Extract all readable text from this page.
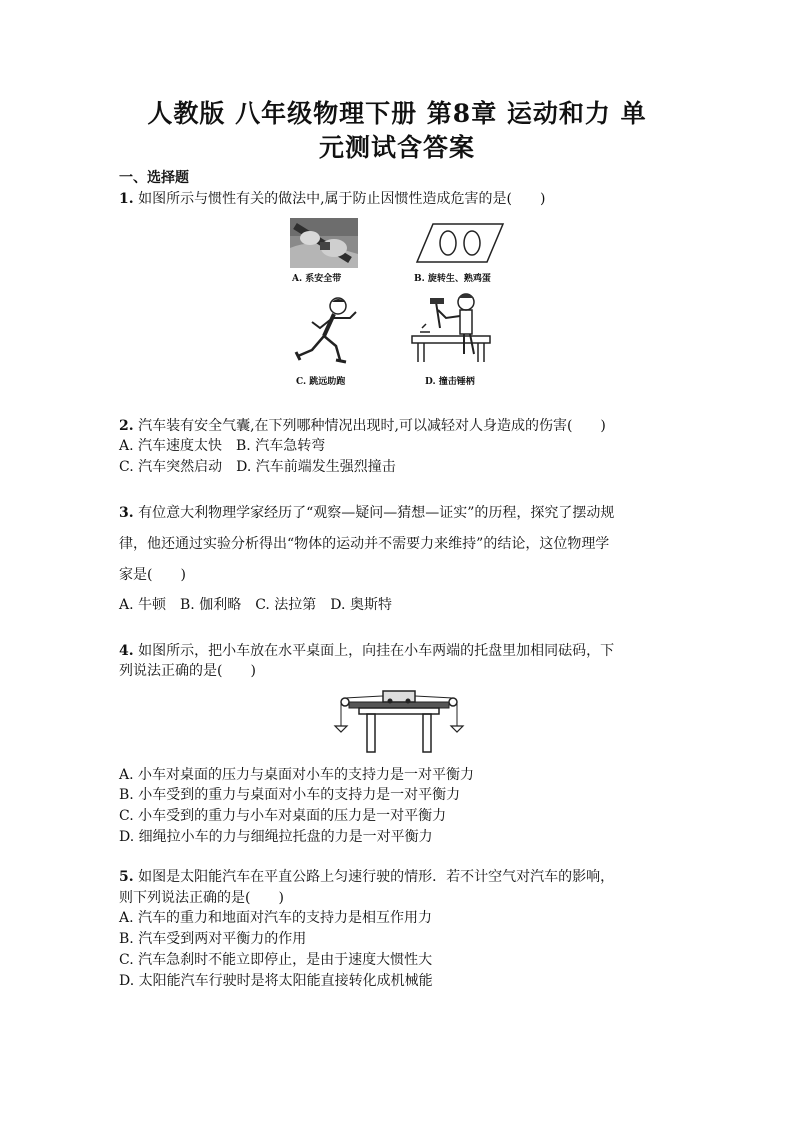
人教版 八年级物理下册 第8章 运动和力 单
元测试含答案
一、选择题
1. 如图所示与惯性有关的做法中,属于防止因惯性造成危害的是(　　)
A. 系安全带	B. 旋转生、熟鸡蛋
C. 跳远助跑	D. 撞击锤柄
2. 汽车装有安全气囊,在下列哪种情况出现时,可以减轻对人身造成的伤害(　　)
A. 汽车速度太快　B. 汽车急转弯
C. 汽车突然启动　D. 汽车前端发生强烈撞击
3. 有位意大利物理学家经历了“观察—疑问—猜想—证实”的历程，探究了摆动规
律，他还通过实验分析得出“物体的运动并不需要力来维持”的结论，这位物理学
家是(　　)
A. 牛顿　B. 伽利略　C. 法拉第　D. 奥斯特
4. 如图所示，把小车放在水平桌面上，向挂在小车两端的托盘里加相同砝码，下
列说法正确的是(　　)
A. 小车对桌面的压力与桌面对小车的支持力是一对平衡力
B. 小车受到的重力与桌面对小车的支持力是一对平衡力
C. 小车受到的重力与小车对桌面的压力是一对平衡力
D. 细绳拉小车的力与细绳拉托盘的力是一对平衡力
5. 如图是太阳能汽车在平直公路上匀速行驶的情形．若不计空气对汽车的影响，
则下列说法正确的是(　　)
A. 汽车的重力和地面对汽车的支持力是相互作用力
B. 汽车受到两对平衡力的作用
C. 汽车急刹时不能立即停止，是由于速度大惯性大
D. 太阳能汽车行驶时是将太阳能直接转化成机械能
